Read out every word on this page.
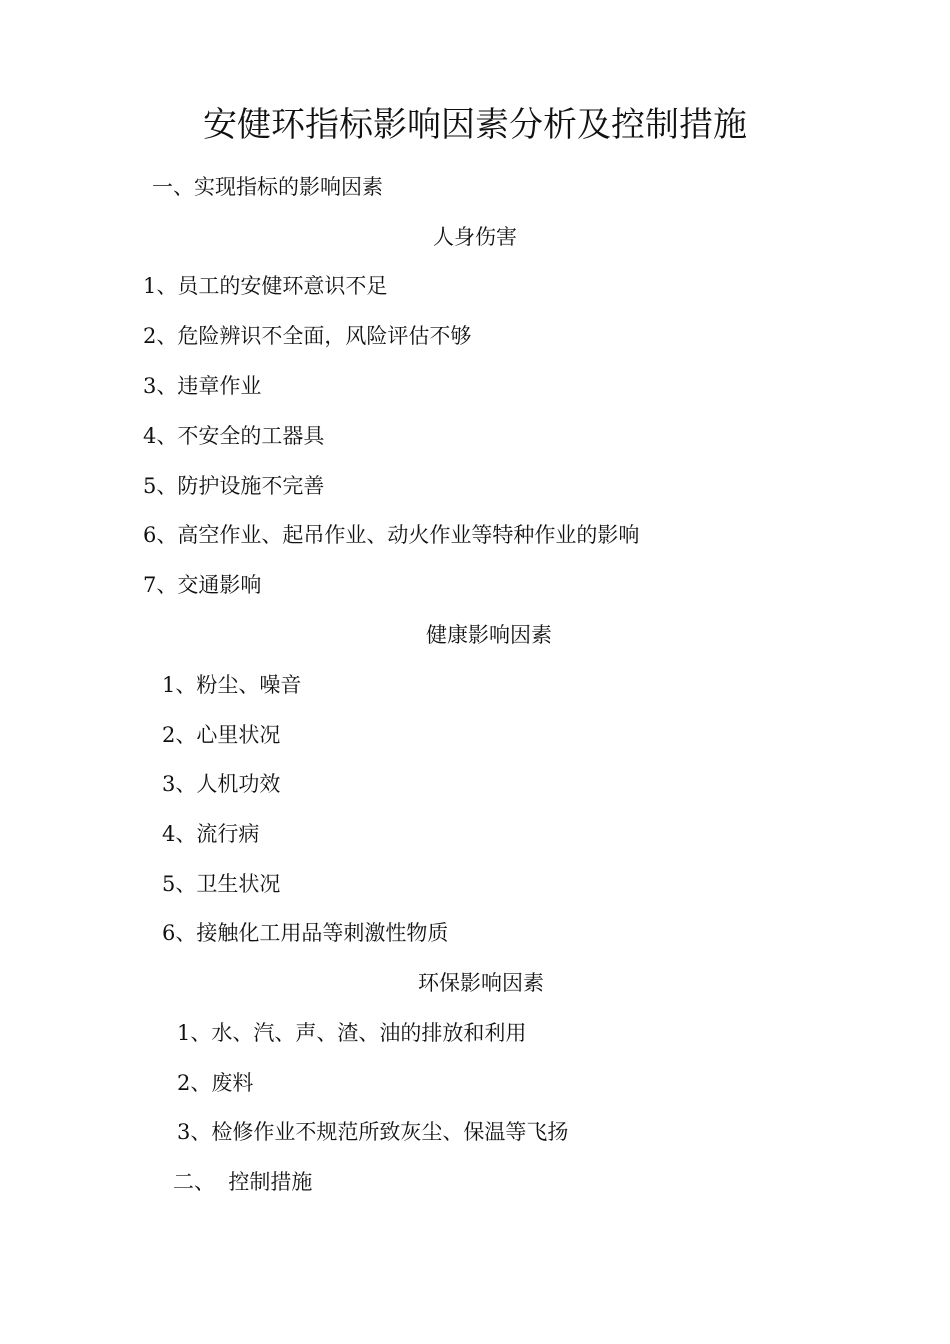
安健环指标影响因素分析及控制措施
一、实现指标的影响因素
人身伤害
1、员工的安健环意识不足
2、危险辨识不全面，风险评估不够
3、违章作业
4、不安全的工器具
5、防护设施不完善
6、高空作业、起吊作业、动火作业等特种作业的影响
7、交通影响
健康影响因素
1、粉尘、噪音
2、心里状况
3、人机功效
4、流行病
5、卫生状况
6、接触化工用品等刺激性物质
环保影响因素
1、水、汽、声、渣、油的排放和利用
2、废料
3、检修作业不规范所致灰尘、保温等飞扬
二、  控制措施
